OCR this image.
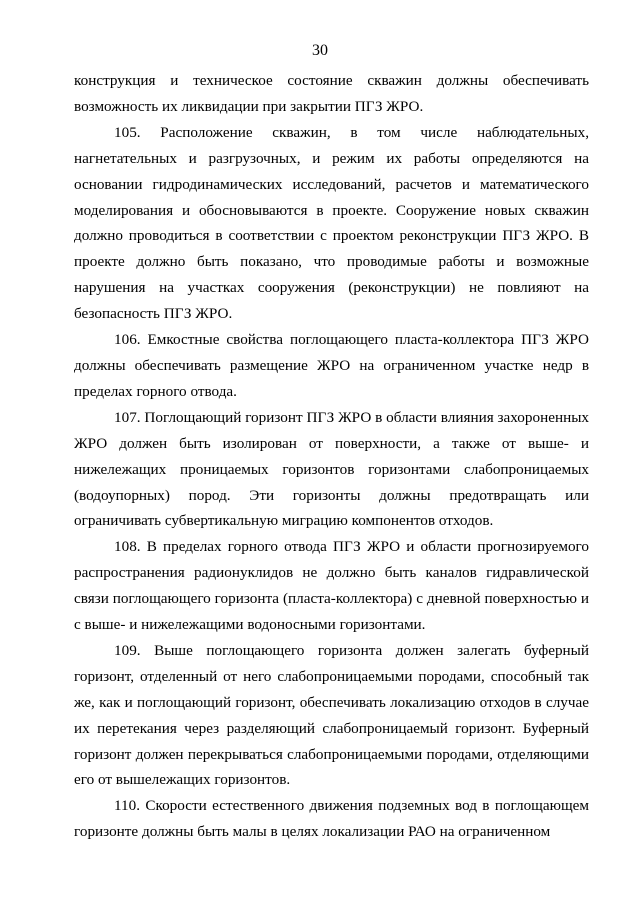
30

конструкция и техническое состояние скважин должны обеспечивать возможность их ликвидации при закрытии ПГЗ ЖРО.

105. Расположение скважин, в том числе наблюдательных, нагнетательных и разгрузочных, и режим их работы определяются на основании гидродинамических исследований, расчетов и математического моделирования и обосновываются в проекте. Сооружение новых скважин должно проводиться в соответствии с проектом реконструкции ПГЗ ЖРО. В проекте должно быть показано, что проводимые работы и возможные нарушения на участках сооружения (реконструкции) не повлияют на безопасность ПГЗ ЖРО.

106. Емкостные свойства поглощающего пласта-коллектора ПГЗ ЖРО должны обеспечивать размещение ЖРО на ограниченном участке недр в пределах горного отвода.

107. Поглощающий горизонт ПГЗ ЖРО в области влияния захороненных ЖРО должен быть изолирован от поверхности, а также от выше- и нижележащих проницаемых горизонтов горизонтами слабопроницаемых (водоупорных) пород. Эти горизонты должны предотвращать или ограничивать субвертикальную миграцию компонентов отходов.

108. В пределах горного отвода ПГЗ ЖРО и области прогнозируемого распространения радионуклидов не должно быть каналов гидравлической связи поглощающего горизонта (пласта-коллектора) с дневной поверхностью и с выше- и нижележащими водоносными горизонтами.

109. Выше поглощающего горизонта должен залегать буферный горизонт, отделенный от него слабопроницаемыми породами, способный так же, как и поглощающий горизонт, обеспечивать локализацию отходов в случае их перетекания через разделяющий слабопроницаемый горизонт. Буферный горизонт должен перекрываться слабопроницаемыми породами, отделяющими его от вышележащих горизонтов.

110. Скорости естественного движения подземных вод в поглощающем горизонте должны быть малы в целях локализации РАО на ограниченном
